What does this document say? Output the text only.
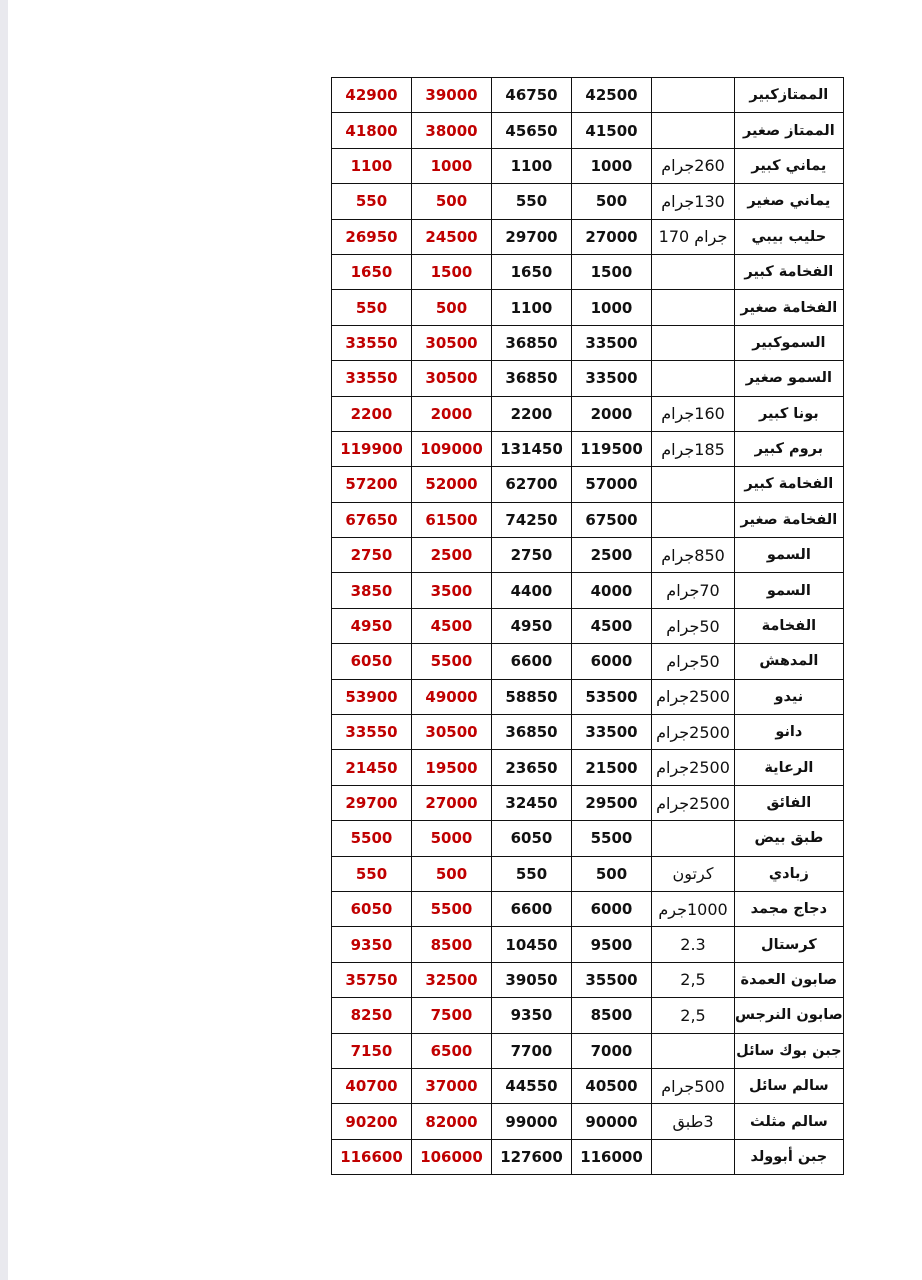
42900	39000	46750	42500		الممتازكبير
41800	38000	45650	41500		الممتاز صغير
1100	1000	1100	1000	260جرام	يماني كبير
550	500	550	500	130جرام	يماني صغير
26950	24500	29700	27000	جرام 170	حليب بيبي
1650	1500	1650	1500		الفخامة كبير
550	500	1100	1000		الفخامة صغير
33550	30500	36850	33500		السموكبير
33550	30500	36850	33500		السمو صغير
2200	2000	2200	2000	160جرام	بونا كبير
119900	109000	131450	119500	185جرام	بروم كبير
57200	52000	62700	57000		الفخامة كبير
67650	61500	74250	67500		الفخامة صغير
2750	2500	2750	2500	850جرام	السمو
3850	3500	4400	4000	70جرام	السمو
4950	4500	4950	4500	50جرام	الفخامة
6050	5500	6600	6000	50جرام	المدهش
53900	49000	58850	53500	2500جرام	نيدو
33550	30500	36850	33500	2500جرام	دانو
21450	19500	23650	21500	2500جرام	الرعاية
29700	27000	32450	29500	2500جرام	الفائق
5500	5000	6050	5500		طبق بيض
550	500	550	500	كرتون	زبادي
6050	5500	6600	6000	1000جرم	دجاج مجمد
9350	8500	10450	9500	2.3	كرستال
35750	32500	39050	35500	2,5	صابون العمدة
8250	7500	9350	8500	2,5	صابون النرجس
7150	6500	7700	7000		جبن بوك سائل
40700	37000	44550	40500	500جرام	سالم سائل
90200	82000	99000	90000	3طبق	سالم مثلث
116600	106000	127600	116000		جبن أبوولد
